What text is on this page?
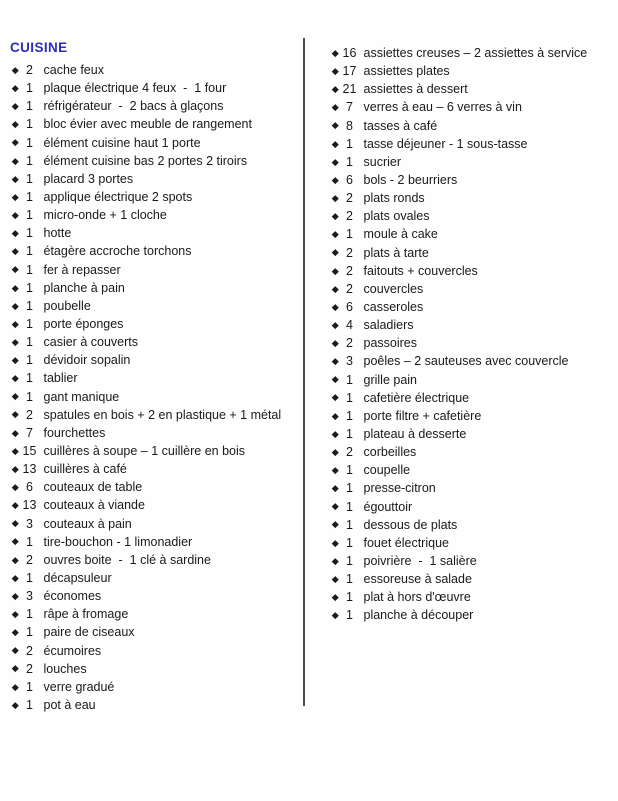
CUISINE
2 cache feux
1 plaque électrique 4 feux  -  1 four
1 réfrigérateur  -  2 bacs à glaçons
1 bloc évier avec meuble de rangement
1 élément cuisine haut 1 porte
1 élément cuisine bas 2 portes 2 tiroirs
1 placard 3 portes
1 applique électrique 2 spots
1 micro-onde + 1 cloche
1 hotte
1 étagère accroche torchons
1 fer à repasser
1 planche à pain
1 poubelle
1 porte éponges
1 casier à couverts
1 dévidoir sopalin
1 tablier
1 gant manique
2 spatules en bois + 2 en plastique + 1 métal
7 fourchettes
15 cuillères à soupe – 1 cuillère en bois
13 cuillères à café
6 couteaux de table
13 couteaux à viande
3 couteaux à pain
1 tire-bouchon - 1 limonadier
2 ouvres boite  -  1 clé à sardine
1 décapsuleur
3 économes
1 râpe à fromage
1 paire de ciseaux
2 écumoires
2 louches
1 verre gradué
1 pot à eau
16 assiettes creuses – 2 assiettes à service
17 assiettes plates
21 assiettes à dessert
7 verres à eau – 6 verres à vin
8 tasses à café
1 tasse déjeuner - 1 sous-tasse
1 sucrier
6 bols - 2 beurriers
2 plats ronds
2 plats ovales
1 moule à cake
2 plats à tarte
2 faitouts + couvercles
2 couvercles
6 casseroles
4 saladiers
2 passoires
3 poêles – 2 sauteuses avec couvercle
1 grille pain
1 cafetière électrique
1 porte filtre + cafetière
1 plateau à desserte
2 corbeilles
1 coupelle
1 presse-citron
1 égouttoir
1 dessous de plats
1 fouet électrique
1 poivrière  -  1 salière
1 essoreuse à salade
1 plat à hors d'œuvre
1 planche à découper
